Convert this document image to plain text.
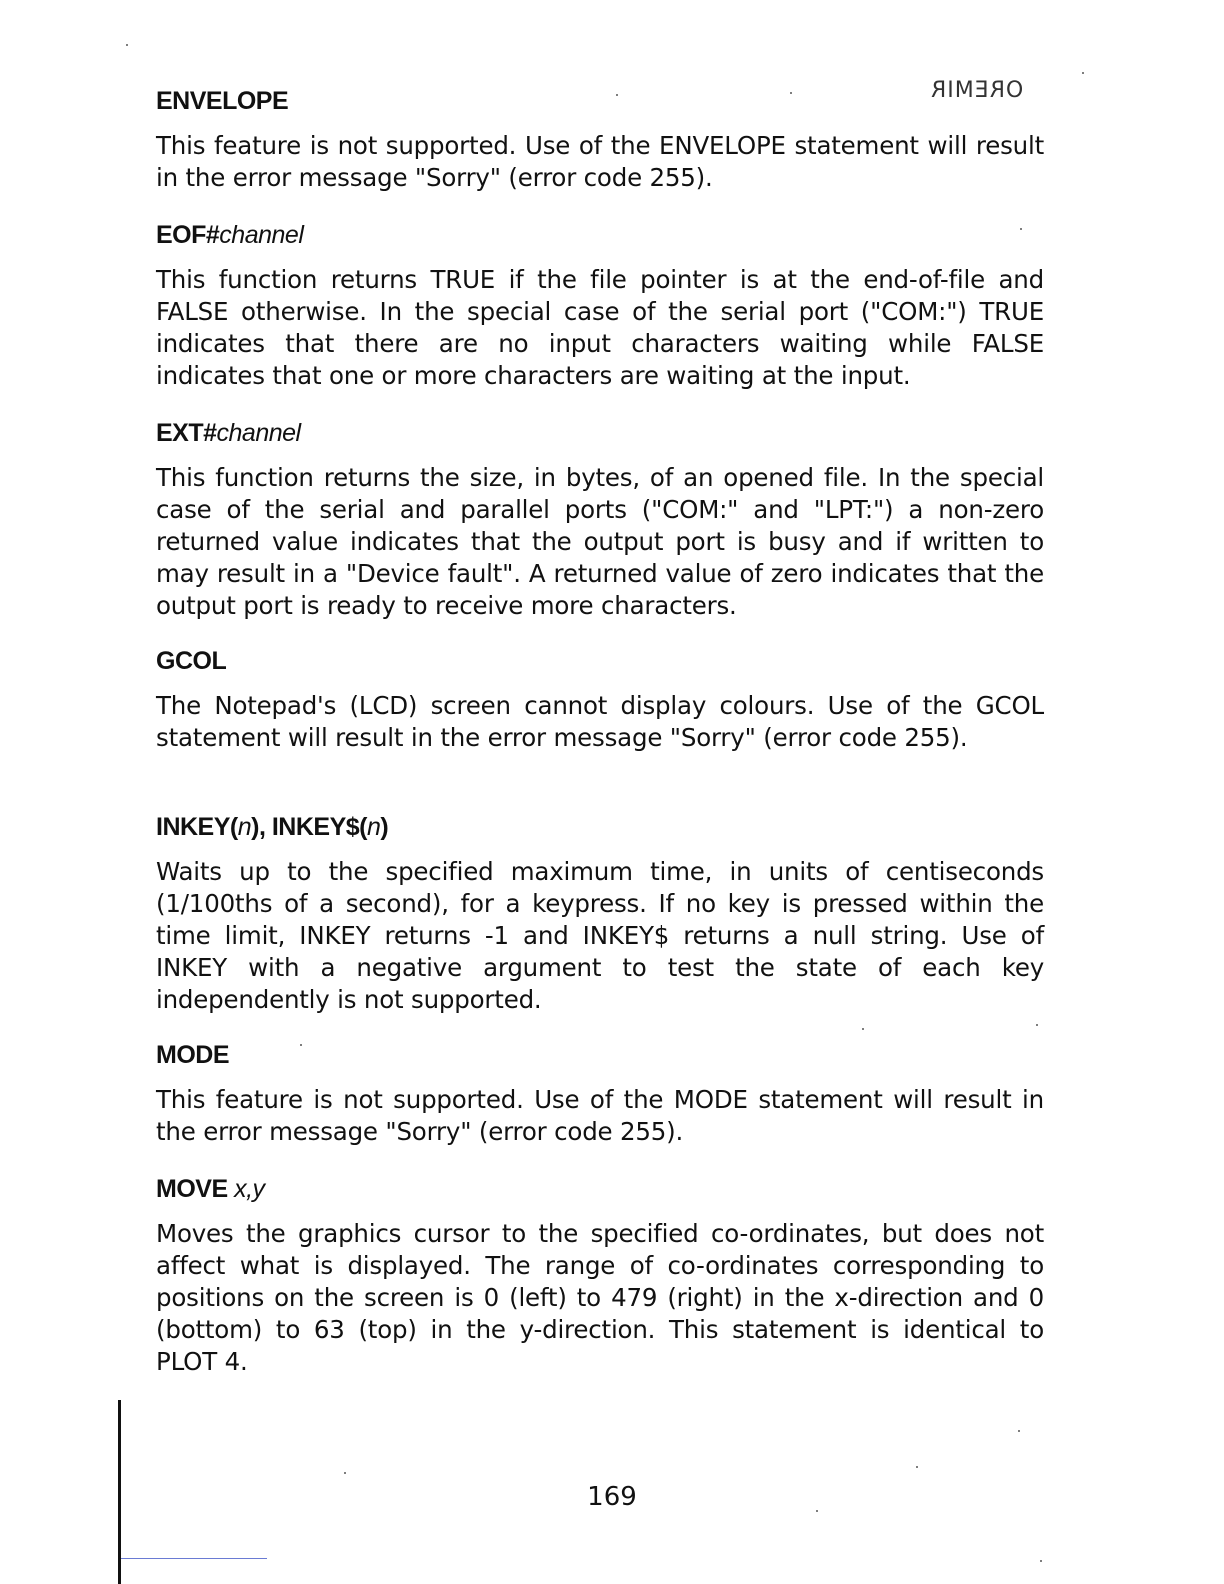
OREMIR
ENVELOPE

This feature is not supported. Use of the ENVELOPE statement will result in the error message "Sorry" (error code 255).

EOF#channel

This function returns TRUE if the file pointer is at the end-of-file and FALSE otherwise. In the special case of the serial port ("COM:") TRUE indicates that there are no input characters waiting while FALSE indicates that one or more characters are waiting at the input.

EXT#channel

This function returns the size, in bytes, of an opened file. In the special case of the serial and parallel ports ("COM:" and "LPT:") a non-zero returned value indicates that the output port is busy and if written to may result in a "Device fault". A returned value of zero indicates that the output port is ready to receive more characters.

GCOL

The Notepad's (LCD) screen cannot display colours. Use of the GCOL statement will result in the error message "Sorry" (error code 255).

INKEY(n), INKEY$(n)

Waits up to the specified maximum time, in units of centiseconds (1/100ths of a second), for a keypress. If no key is pressed within the time limit, INKEY returns -1 and INKEY$ returns a null string. Use of INKEY with a negative argument to test the state of each key independently is not supported.

MODE

This feature is not supported. Use of the MODE statement will result in the error message "Sorry" (error code 255).

MOVE x,y

Moves the graphics cursor to the specified co-ordinates, but does not affect what is displayed. The range of co-ordinates corresponding to positions on the screen is 0 (left) to 479 (right) in the x-direction and 0 (bottom) to 63 (top) in the y-direction. This statement is identical to PLOT 4.

169
